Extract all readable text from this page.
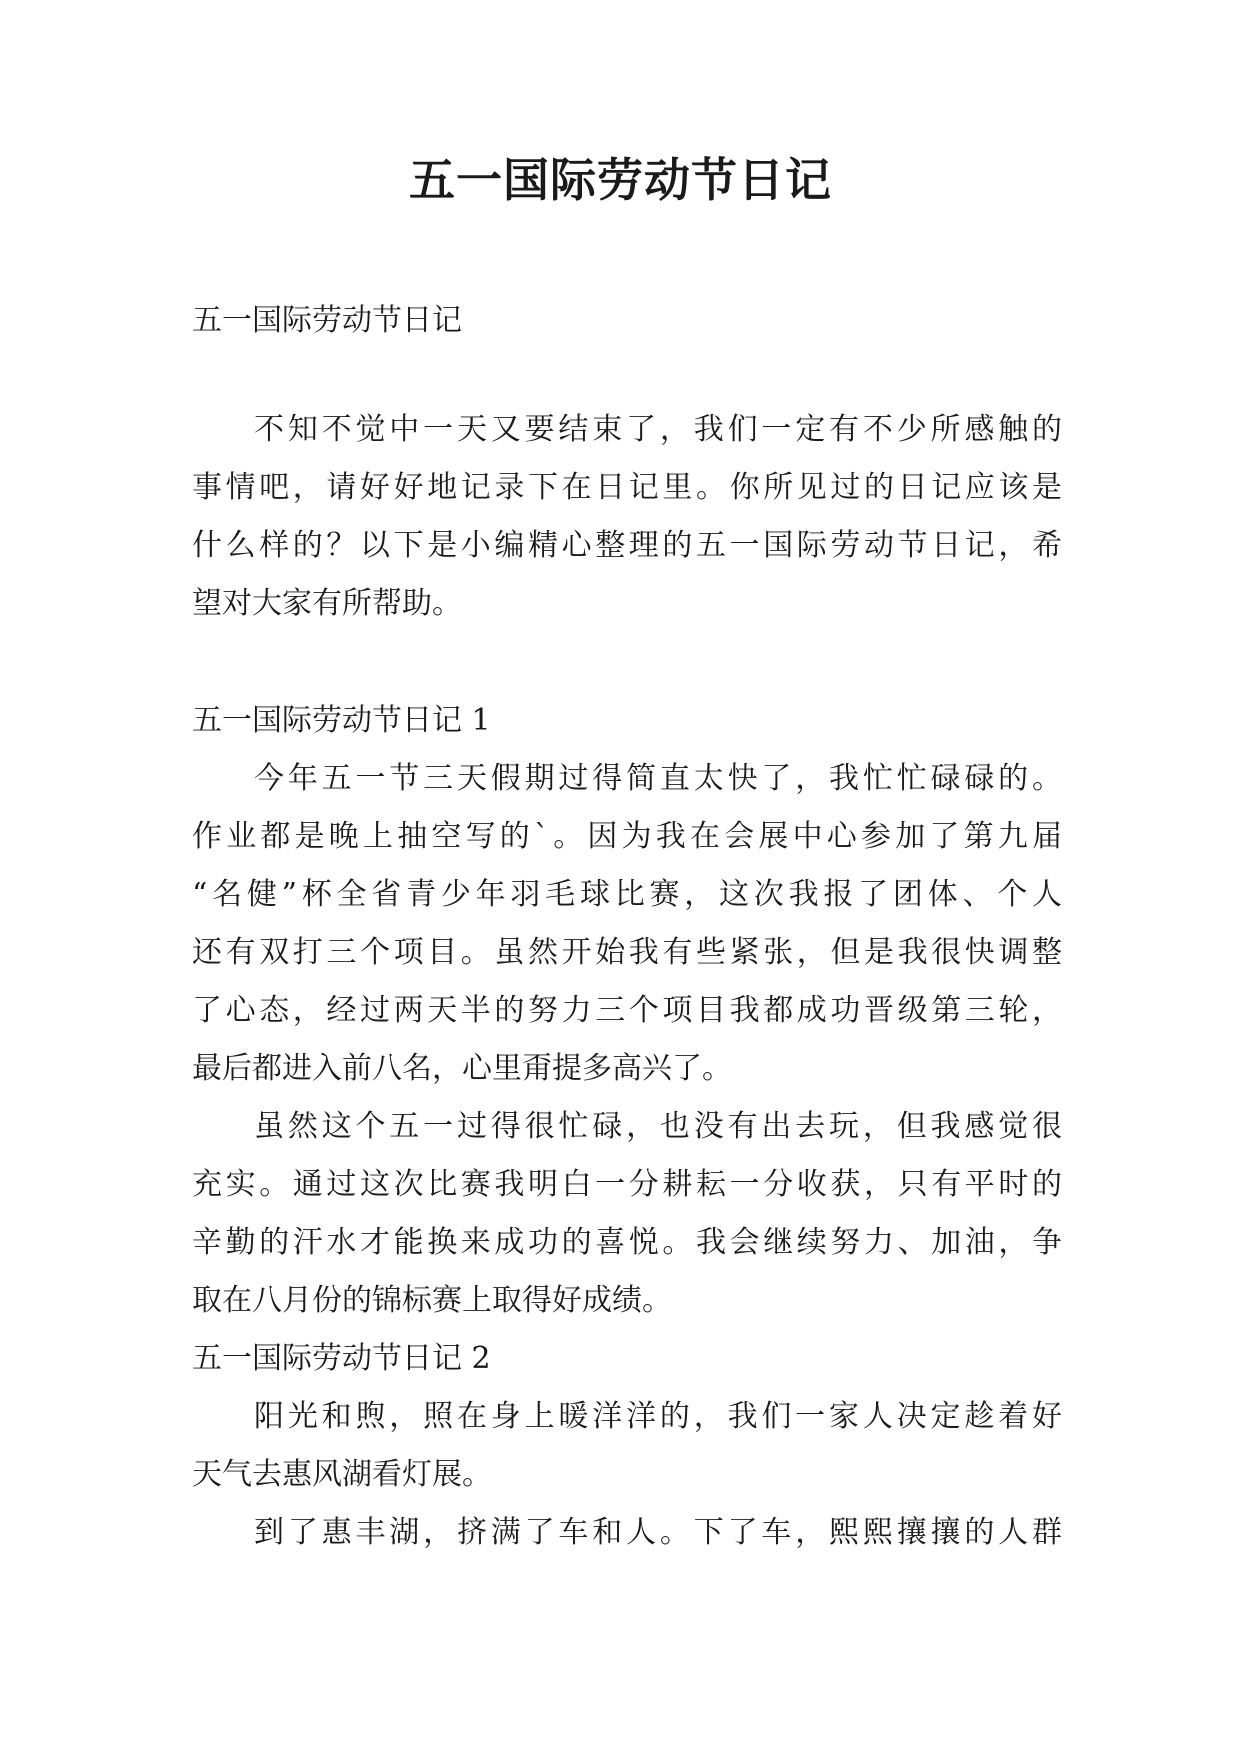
五一国际劳动节日记
五一国际劳动节日记
不知不觉中一天又要结束了，我们一定有不少所感触的
事情吧，请好好地记录下在日记里。你所见过的日记应该是
什么样的？以下是小编精心整理的五一国际劳动节日记，希
望对大家有所帮助。
五一国际劳动节日记 1
今年五一节三天假期过得简直太快了，我忙忙碌碌的。
作业都是晚上抽空写的`。因为我在会展中心参加了第九届
“名健”杯全省青少年羽毛球比赛，这次我报了团体、个人
还有双打三个项目。虽然开始我有些紧张，但是我很快调整
了心态，经过两天半的努力三个项目我都成功晋级第三轮，
最后都进入前八名，心里甭提多高兴了。
虽然这个五一过得很忙碌，也没有出去玩，但我感觉很
充实。通过这次比赛我明白一分耕耘一分收获，只有平时的
辛勤的汗水才能换来成功的喜悦。我会继续努力、加油，争
取在八月份的锦标赛上取得好成绩。
五一国际劳动节日记 2
阳光和煦，照在身上暖洋洋的，我们一家人决定趁着好
天气去惠风湖看灯展。
到了惠丰湖，挤满了车和人。下了车，熙熙攘攘的人群
